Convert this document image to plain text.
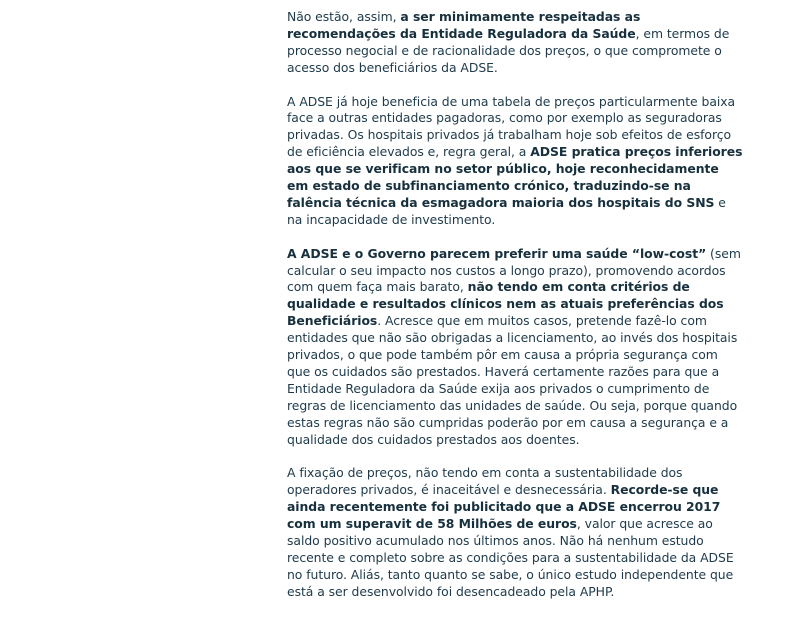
Não estão, assim, a ser minimamente respeitadas as recomendações da Entidade Reguladora da Saúde, em termos de processo negocial e de racionalidade dos preços, o que compromete o acesso dos beneficiários da ADSE.

A ADSE já hoje beneficia de uma tabela de preços particularmente baixa face a outras entidades pagadoras, como por exemplo as seguradoras privadas. Os hospitais privados já trabalham hoje sob efeitos de esforço de eficiência elevados e, regra geral, a ADSE pratica preços inferiores aos que se verificam no setor público, hoje reconhecidamente em estado de subfinanciamento crónico, traduzindo-se na falência técnica da esmagadora maioria dos hospitais do SNS e na incapacidade de investimento.

A ADSE e o Governo parecem preferir uma saúde “low-cost” (sem calcular o seu impacto nos custos a longo prazo), promovendo acordos com quem faça mais barato, não tendo em conta critérios de qualidade e resultados clínicos nem as atuais preferências dos Beneficiários. Acresce que em muitos casos, pretende fazê-lo com entidades que não são obrigadas a licenciamento, ao invés dos hospitais privados, o que pode também pôr em causa a própria segurança com que os cuidados são prestados. Haverá certamente razões para que a Entidade Reguladora da Saúde exija aos privados o cumprimento de regras de licenciamento das unidades de saúde. Ou seja, porque quando estas regras não são cumpridas poderão por em causa a segurança e a qualidade dos cuidados prestados aos doentes.

A fixação de preços, não tendo em conta a sustentabilidade dos operadores privados, é inaceitável e desnecessária. Recorde-se que ainda recentemente foi publicitado que a ADSE encerrou 2017 com um superavit de 58 Milhões de euros, valor que acresce ao saldo positivo acumulado nos últimos anos. Não há nenhum estudo recente e completo sobre as condições para a sustentabilidade da ADSE no futuro. Aliás, tanto quanto se sabe, o único estudo independente que está a ser desenvolvido foi desencadeado pela APHP.
